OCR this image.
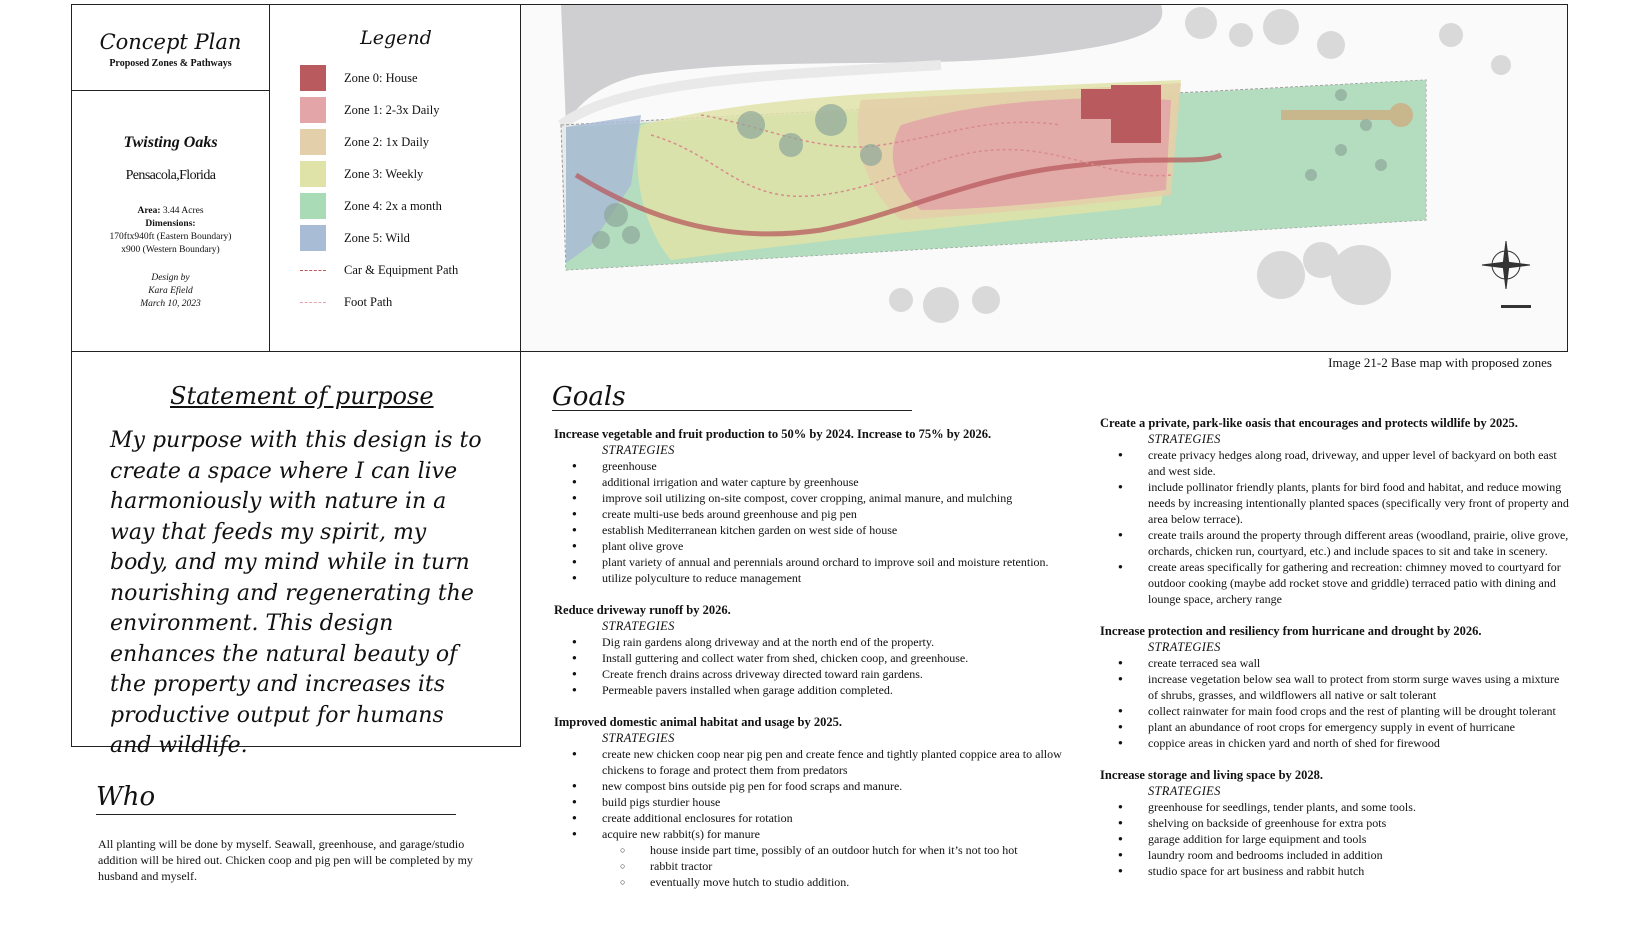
Concept Plan
Proposed Zones & Pathways
Twisting Oaks
Pensacola,Florida
Area: 3.44 Acres
Dimensions:
170ftx940ft (Eastern Boundary)
x900 (Western Boundary)
Design by
Kara Efield
March 10, 2023
Legend
Zone 0: House
Zone 1: 2-3x Daily
Zone 2: 1x Daily
Zone 3: Weekly
Zone 4: 2x a month
Zone 5: Wild
Car & Equipment Path
Foot Path
Image 21-2 Base map with proposed zones
Statement of purpose
My purpose with this design is to create a space where I can live harmoniously with nature in a way that feeds my spirit, my body, and my mind while in turn nourishing and regenerating the environment. This design enhances the natural beauty of the property and increases its productive output for humans and wildlife.
Who
All planting will be done by myself. Seawall, greenhouse, and garage/studio addition will be hired out. Chicken coop and pig pen will be completed by my husband and myself.
Goals
Increase vegetable and fruit production to 50% by 2024. Increase to 75% by 2026.
STRATEGIES
● greenhouse
● additional irrigation and water capture by greenhouse
● improve soil utilizing on-site compost, cover cropping, animal manure, and mulching
● create multi-use beds around greenhouse and pig pen
● establish Mediterranean kitchen garden on west side of house
● plant olive grove
● plant variety of annual and perennials around orchard to improve soil and moisture retention.
● utilize polyculture to reduce management
Reduce driveway runoff by 2026.
STRATEGIES
● Dig rain gardens along driveway and at the north end of the property.
● Install guttering and collect water from shed, chicken coop, and greenhouse.
● Create french drains across driveway directed toward rain gardens.
● Permeable pavers installed when garage addition completed.
Improved domestic animal habitat and usage by 2025.
STRATEGIES
● create new chicken coop near pig pen and create fence and tightly planted coppice area to allow chickens to forage and protect them from predators
● new compost bins outside pig pen for food scraps and manure.
● build pigs sturdier house
● create additional enclosures for rotation
● acquire new rabbit(s) for manure
○ house inside part time, possibly of an outdoor hutch for when it’s not too hot
○ rabbit tractor
○ eventually move hutch to studio addition.
Create a private, park-like oasis that encourages and protects wildlife by 2025.
STRATEGIES
● create privacy hedges along road, driveway, and upper level of backyard on both east and west side.
● include pollinator friendly plants, plants for bird food and habitat, and reduce mowing needs by increasing intentionally planted spaces (specifically very front of property and area below terrace).
● create trails around the property through different areas (woodland, prairie, olive grove, orchards, chicken run, courtyard, etc.) and include spaces to sit and take in scenery.
● create areas specifically for gathering and recreation: chimney moved to courtyard for outdoor cooking (maybe add rocket stove and griddle) terraced patio with dining and lounge space, archery range
Increase protection and resiliency from hurricane and drought by 2026.
STRATEGIES
● create terraced sea wall
● increase vegetation below sea wall to protect from storm surge waves using a mixture of shrubs, grasses, and wildflowers all native or salt tolerant
● collect rainwater for main food crops and the rest of planting will be drought tolerant
● plant an abundance of root crops for emergency supply in event of hurricane
● coppice areas in chicken yard and north of shed for firewood
Increase storage and living space by 2028.
STRATEGIES
● greenhouse for seedlings, tender plants, and some tools.
● shelving on backside of greenhouse for extra pots
● garage addition for large equipment and tools
● laundry room and bedrooms included in addition
● studio space for art business and rabbit hutch
